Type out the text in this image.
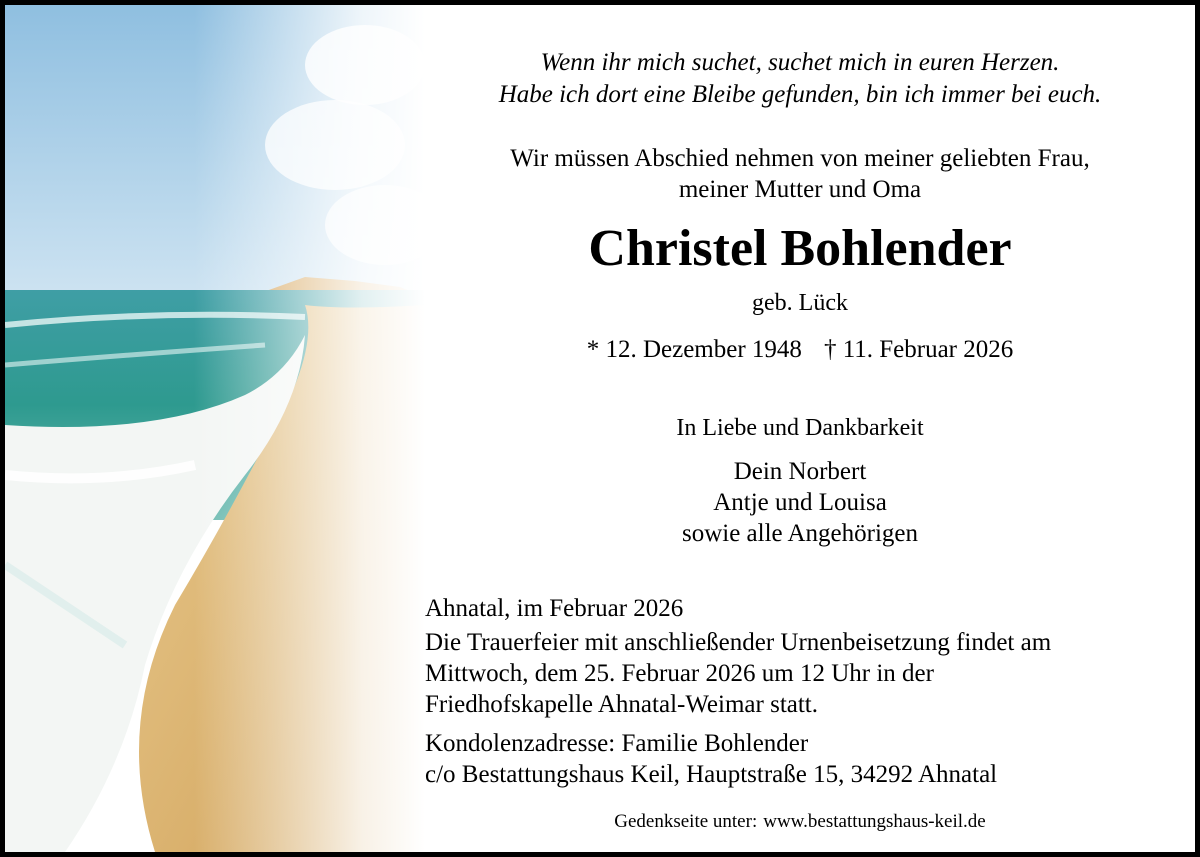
Wenn ihr mich suchet, suchet mich in euren Herzen.
Habe ich dort eine Bleibe gefunden, bin ich immer bei euch.
Wir müssen Abschied nehmen von meiner geliebten Frau,
meiner Mutter und Oma
Christel Bohlender
geb. Lück
* 12. Dezember 1948 † 11. Februar 2026
In Liebe und Dankbarkeit
Dein Norbert
Antje und Louisa
sowie alle Angehörigen
Ahnatal, im Februar 2026
Die Trauerfeier mit anschließender Urnenbeisetzung findet am
Mittwoch, dem 25. Februar 2026 um 12 Uhr in der
Friedhofskapelle Ahnatal-Weimar statt.
Kondolenzadresse: Familie Bohlender
c/o Bestattungshaus Keil, Hauptstraße 15, 34292 Ahnatal
Gedenkseite unter: www.bestattungshaus-keil.de
